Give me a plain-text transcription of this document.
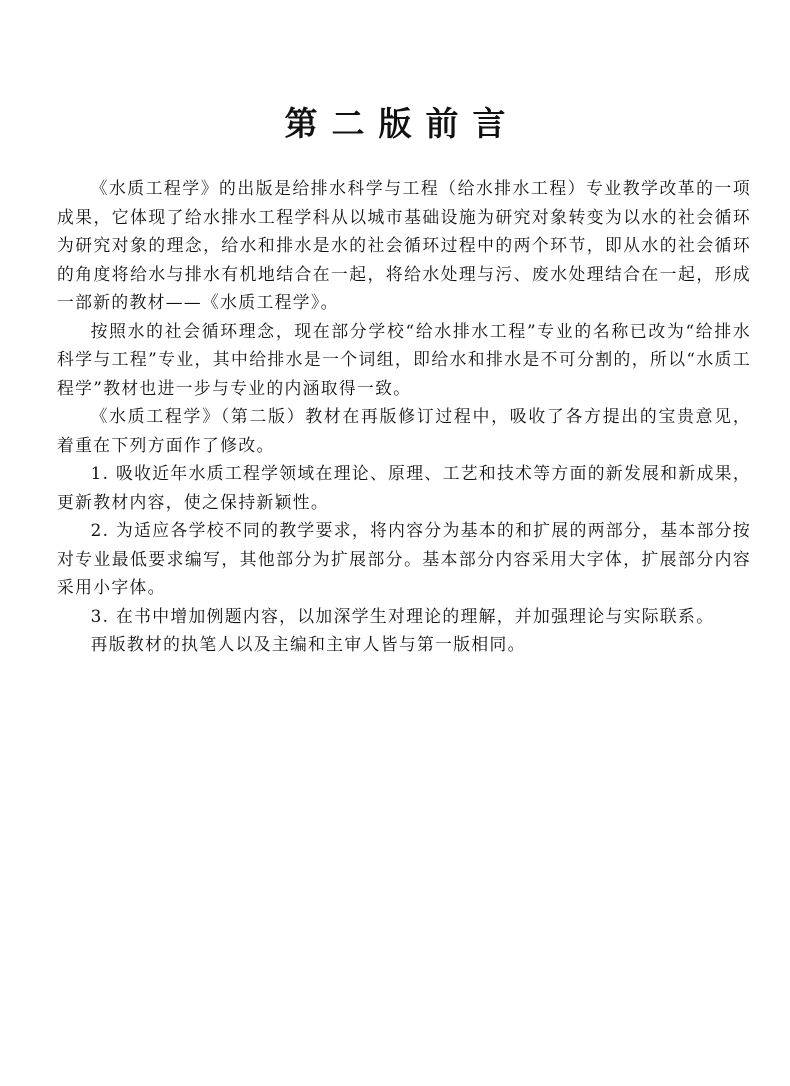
第二版前言

《水质工程学》的出版是给排水科学与工程（给水排水工程）专业教学改革的一项成果，它体现了给水排水工程学科从以城市基础设施为研究对象转变为以水的社会循环为研究对象的理念，给水和排水是水的社会循环过程中的两个环节，即从水的社会循环的角度将给水与排水有机地结合在一起，将给水处理与污、废水处理结合在一起，形成一部新的教材——《水质工程学》。

按照水的社会循环理念，现在部分学校“给水排水工程”专业的名称已改为“给排水科学与工程”专业，其中给排水是一个词组，即给水和排水是不可分割的，所以“水质工程学”教材也进一步与专业的内涵取得一致。

《水质工程学》（第二版）教材在再版修订过程中，吸收了各方提出的宝贵意见，着重在下列方面作了修改。

1. 吸收近年水质工程学领域在理论、原理、工艺和技术等方面的新发展和新成果，更新教材内容，使之保持新颖性。

2. 为适应各学校不同的教学要求，将内容分为基本的和扩展的两部分，基本部分按对专业最低要求编写，其他部分为扩展部分。基本部分内容采用大字体，扩展部分内容采用小字体。

3. 在书中增加例题内容，以加深学生对理论的理解，并加强理论与实际联系。

再版教材的执笔人以及主编和主审人皆与第一版相同。
